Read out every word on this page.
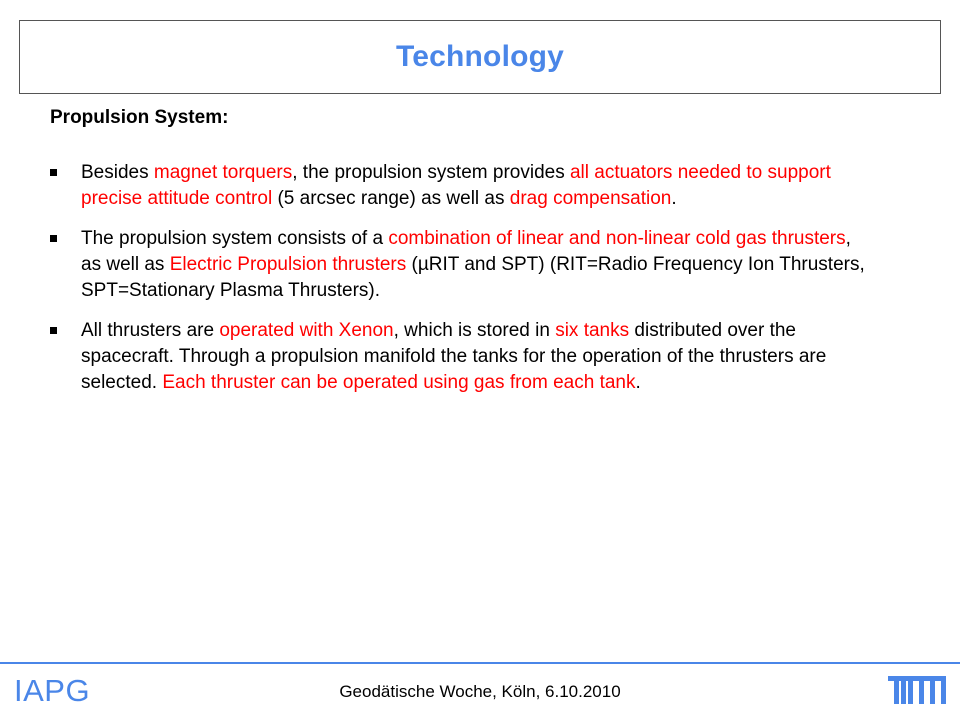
Technology

Propulsion System:

Besides magnet torquers, the propulsion system provides all actuators needed to support precise attitude control (5 arcsec range) as well as drag compensation.
The propulsion system consists of a combination of linear and non-linear cold gas thrusters, as well as Electric Propulsion thrusters (µRIT and SPT) (RIT=Radio Frequency Ion Thrusters, SPT=Stationary Plasma Thrusters).
All thrusters are operated with Xenon, which is stored in six tanks distributed over the spacecraft. Through a propulsion manifold the tanks for the operation of the thrusters are selected. Each thruster can be operated using gas from each tank.
IAPG	Geodätische Woche, Köln, 6.10.2010
